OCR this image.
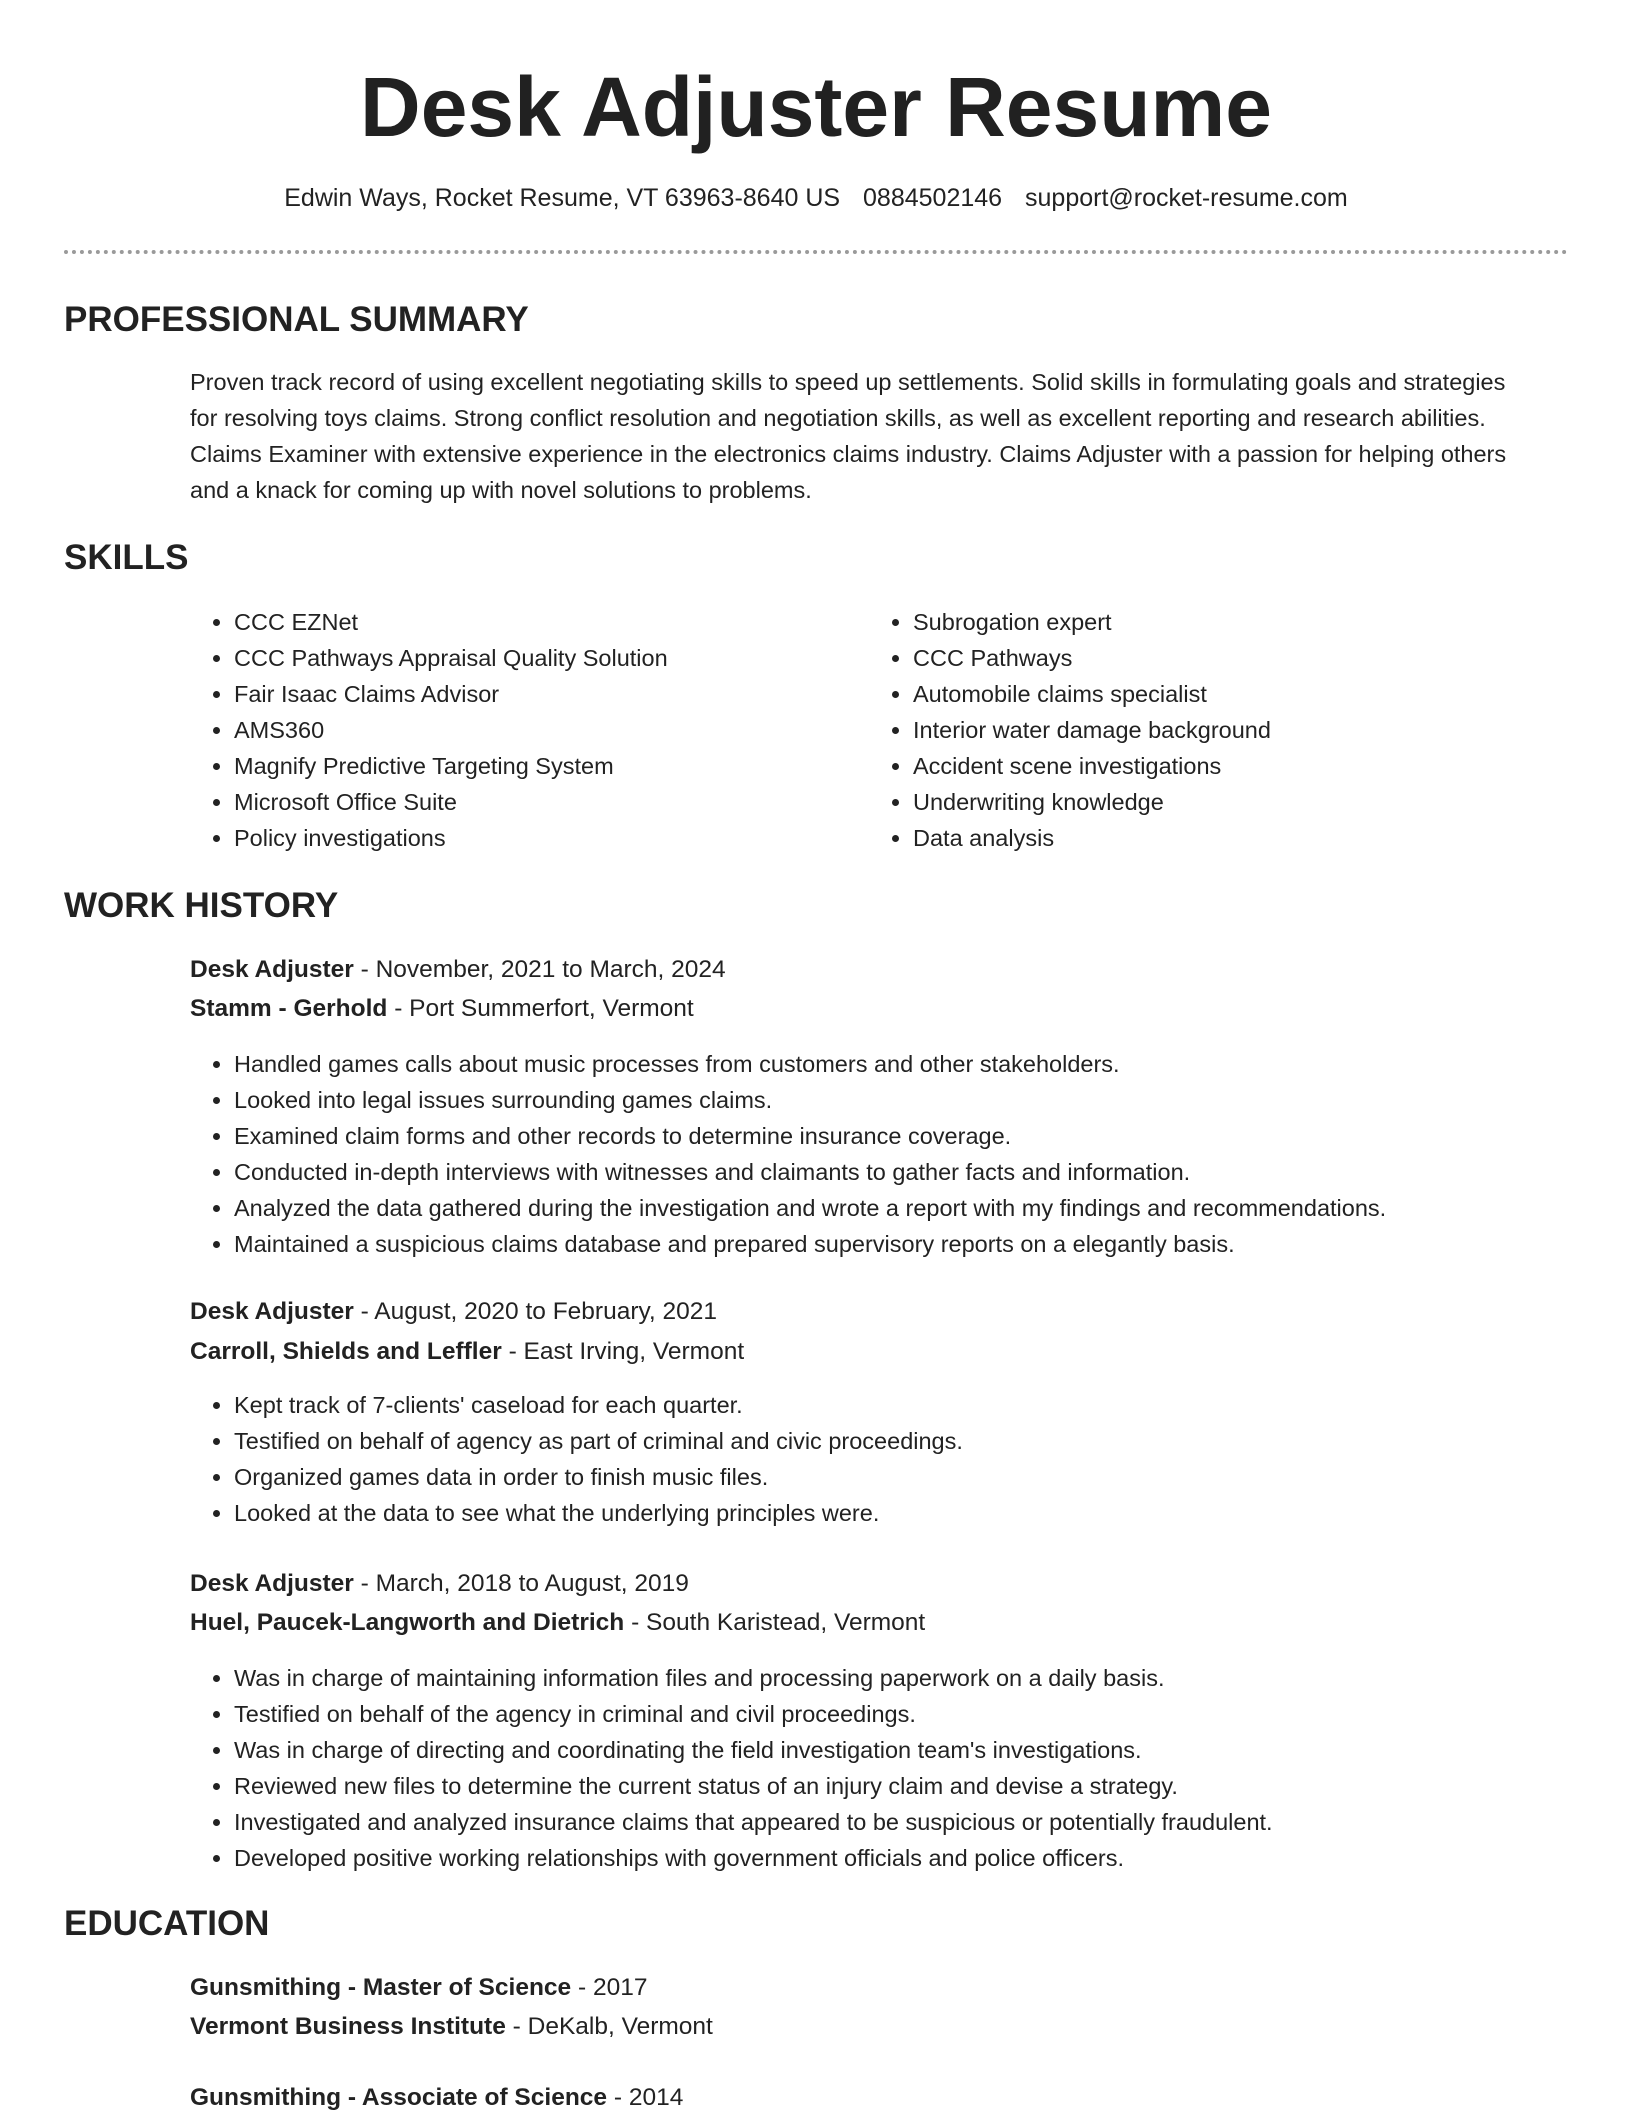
Desk Adjuster Resume
Edwin Ways, Rocket Resume, VT 63963-8640 US 0884502146 support@rocket-resume.com
PROFESSIONAL SUMMARY

Proven track record of using excellent negotiating skills to speed up settlements. Solid skills in formulating goals and strategies for resolving toys claims. Strong conflict resolution and negotiation skills, as well as excellent reporting and research abilities. Claims Examiner with extensive experience in the electronics claims industry. Claims Adjuster with a passion for helping others and a knack for coming up with novel solutions to problems.

SKILLS
• CCC EZNet
• CCC Pathways Appraisal Quality Solution
• Fair Isaac Claims Advisor
• AMS360
• Magnify Predictive Targeting System
• Microsoft Office Suite
• Policy investigations
• Subrogation expert
• CCC Pathways
• Automobile claims specialist
• Interior water damage background
• Accident scene investigations
• Underwriting knowledge
• Data analysis
WORK HISTORY
Desk Adjuster - November, 2021 to March, 2024
Stamm - Gerhold - Port Summerfort, Vermont
• Handled games calls about music processes from customers and other stakeholders.
• Looked into legal issues surrounding games claims.
• Examined claim forms and other records to determine insurance coverage.
• Conducted in-depth interviews with witnesses and claimants to gather facts and information.
• Analyzed the data gathered during the investigation and wrote a report with my findings and recommendations.
• Maintained a suspicious claims database and prepared supervisory reports on a elegantly basis.
Desk Adjuster - August, 2020 to February, 2021
Carroll, Shields and Leffler - East Irving, Vermont
• Kept track of 7-clients' caseload for each quarter.
• Testified on behalf of agency as part of criminal and civic proceedings.
• Organized games data in order to finish music files.
• Looked at the data to see what the underlying principles were.
Desk Adjuster - March, 2018 to August, 2019
Huel, Paucek-Langworth and Dietrich - South Karistead, Vermont
• Was in charge of maintaining information files and processing paperwork on a daily basis.
• Testified on behalf of the agency in criminal and civil proceedings.
• Was in charge of directing and coordinating the field investigation team's investigations.
• Reviewed new files to determine the current status of an injury claim and devise a strategy.
• Investigated and analyzed insurance claims that appeared to be suspicious or potentially fraudulent.
• Developed positive working relationships with government officials and police officers.
EDUCATION
Gunsmithing - Master of Science - 2017
Vermont Business Institute - DeKalb, Vermont
Gunsmithing - Associate of Science - 2014
